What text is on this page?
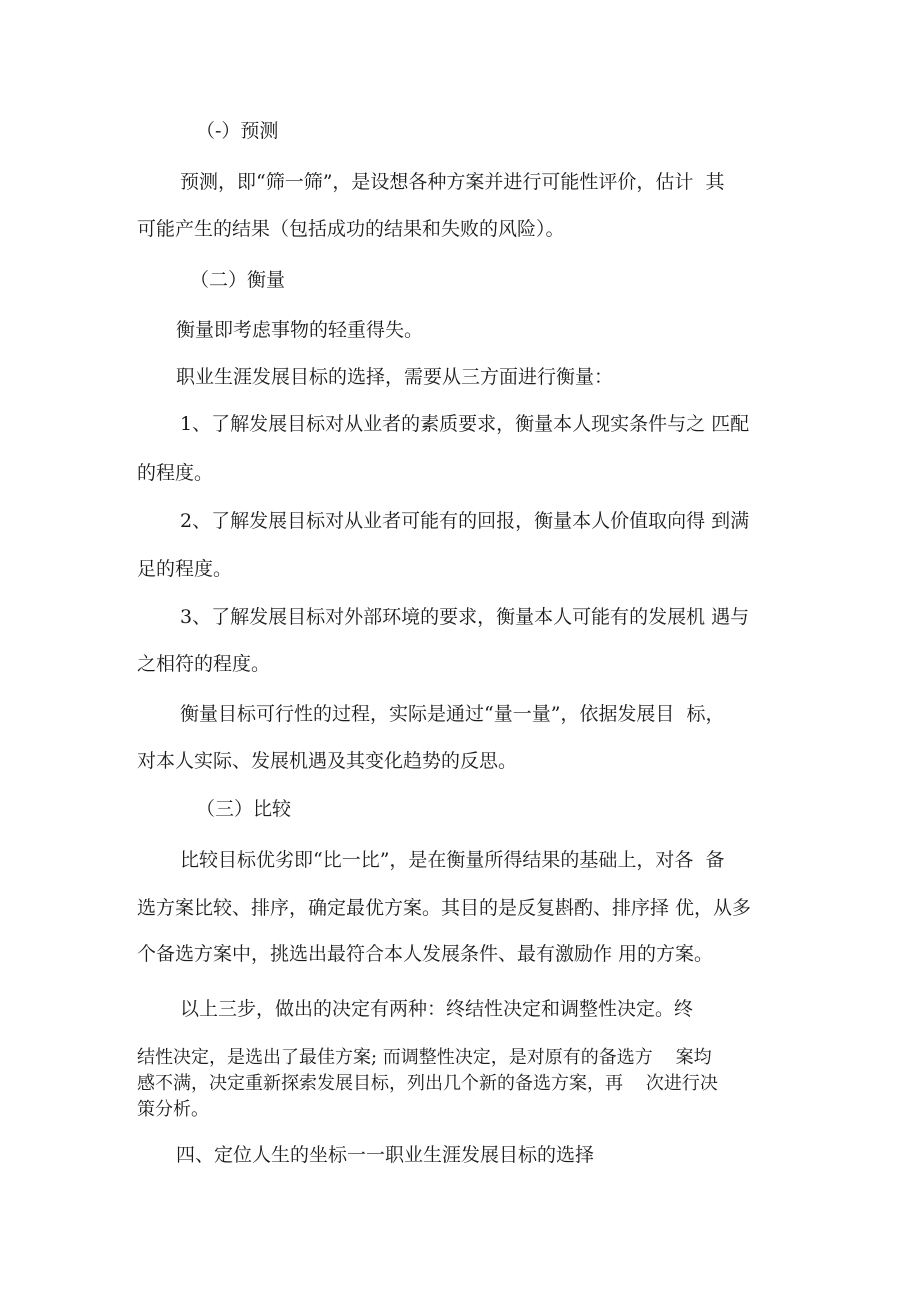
（-）预测
预测，即“筛一筛”，是设想各种方案并进行可能性评价，估计  其
可能产生的结果（包括成功的结果和失败的风险）。
（二）衡量
衡量即考虑事物的轻重得失。
职业生涯发展目标的选择，需要从三方面进行衡量：
1、了解发展目标对从业者的素质要求，衡量本人现实条件与之 匹配
的程度。
2、了解发展目标对从业者可能有的回报，衡量本人价值取向得 到满
足的程度。
3、了解发展目标对外部环境的要求，衡量本人可能有的发展机 遇与
之相符的程度。
衡量目标可行性的过程，实际是通过“量一量”，依据发展目  标，
对本人实际、发展机遇及其变化趋势的反思。
（三）比较
比较目标优劣即“比一比”，是在衡量所得结果的基础上，对各  备
选方案比较、排序，确定最优方案。其目的是反复斟酌、排序择 优，从多
个备选方案中，挑选出最符合本人发展条件、最有激励作 用的方案。
以上三步，做出的决定有两种：终结性决定和调整性决定。终
结性决定，是选出了最佳方案; 而调整性决定，是对原有的备选方    案均
感不满，决定重新探索发展目标，列出几个新的备选方案，再    次进行决
策分析。
四、定位人生的坐标一一职业生涯发展目标的选择
